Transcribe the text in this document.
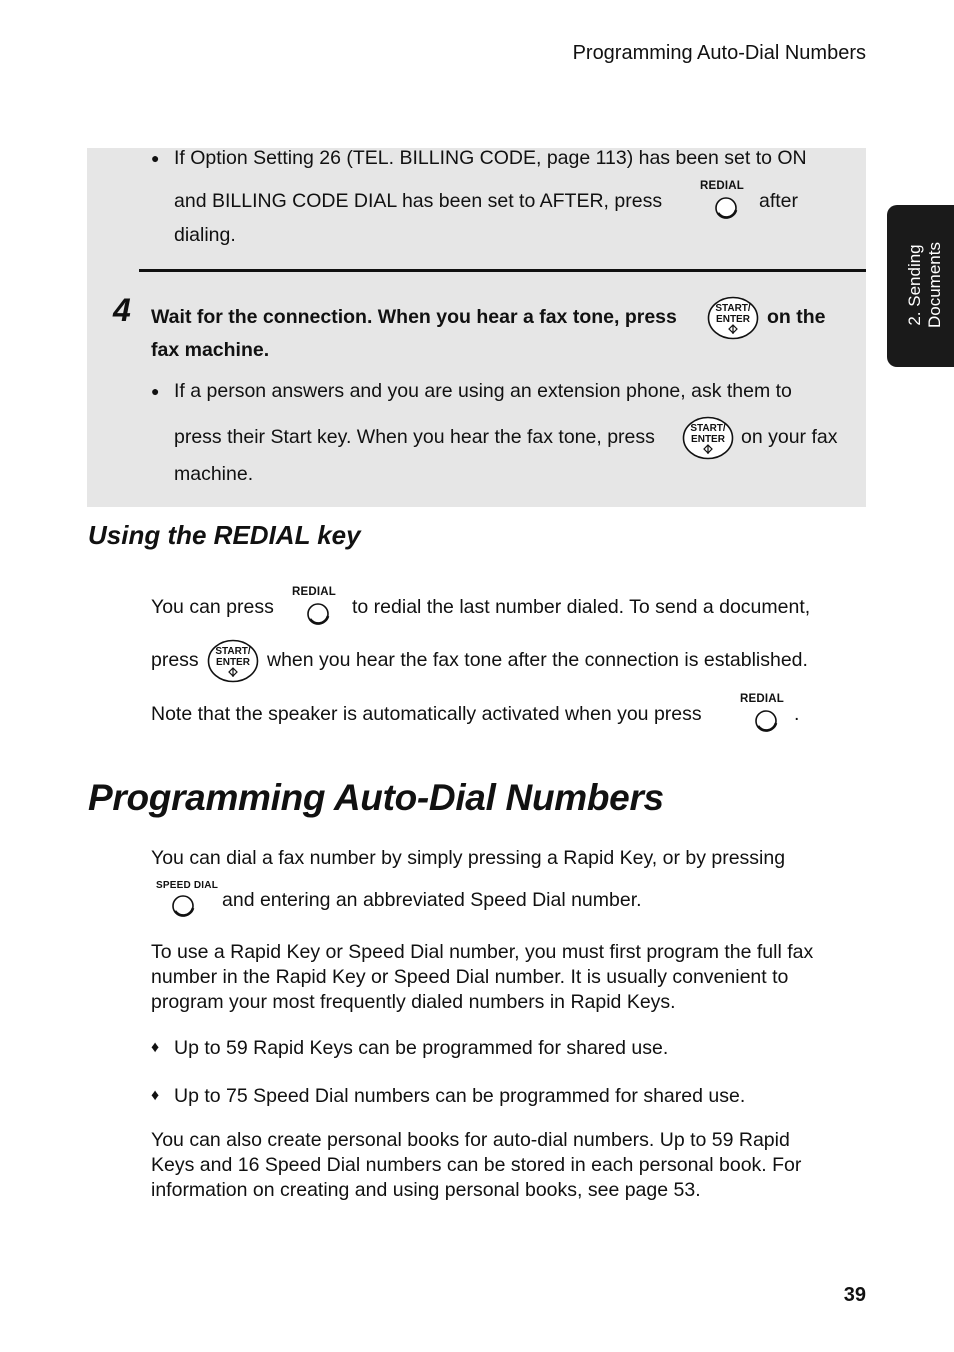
Programming Auto-Dial Numbers
2. Sending Documents
● If Option Setting 26 (TEL. BILLING CODE, page 113) has been set to ON
and BILLING CODE DIAL has been set to AFTER, press
REDIAL
after
dialing.
4 Wait for the connection. When you hear a fax tone, press	START/
ENTER on the
fax machine.
● If a person answers and you are using an extension phone, ask them to
press their Start key. When you hear the fax tone, press	START/
ENTER on your fax
machine.
Using the REDIAL key
You can press
REDIAL
to redial the last number dialed. To send a document,
press START/
ENTER when you hear the fax tone after the connection is established.
Note that the speaker is automatically activated when you press
REDIAL
.
Programming Auto-Dial Numbers
You can dial a fax number by simply pressing a Rapid Key, or by pressing
SPEED DIAL
and entering an abbreviated Speed Dial number.
To use a Rapid Key or Speed Dial number, you must first program the full fax
number in the Rapid Key or Speed Dial number. It is usually convenient to
program your most frequently dialed numbers in Rapid Keys.
♦ Up to 59 Rapid Keys can be programmed for shared use.
♦ Up to 75 Speed Dial numbers can be programmed for shared use.
You can also create personal books for auto-dial numbers. Up to 59 Rapid
Keys and 16 Speed Dial numbers can be stored in each personal book. For
information on creating and using personal books, see page 53.
39
